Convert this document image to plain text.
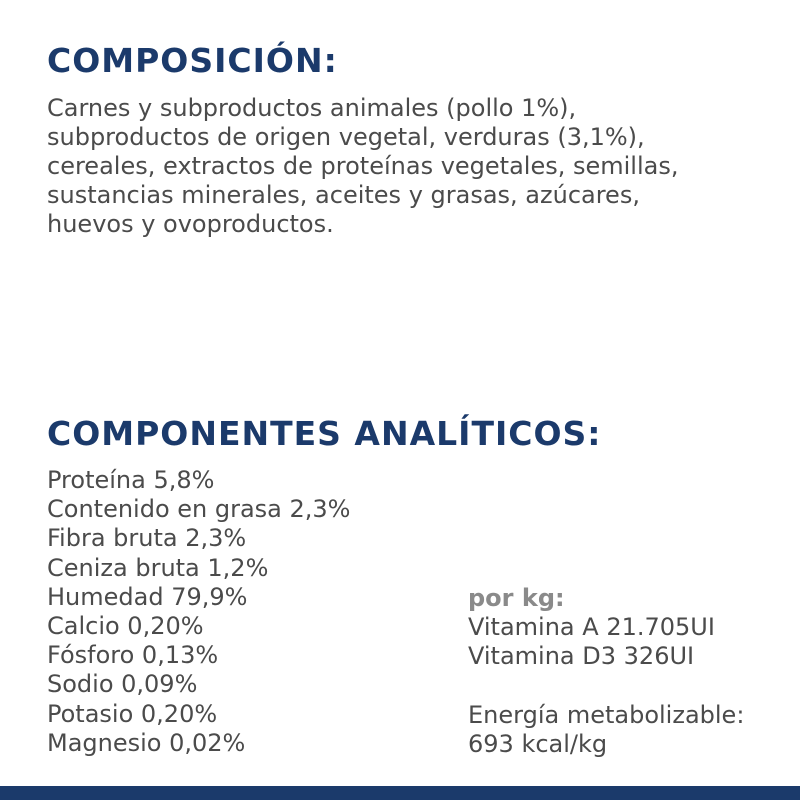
COMPOSICIÓN:

Carnes y subproductos animales (pollo 1%),
subproductos de origen vegetal, verduras (3,1%),
cereales, extractos de proteínas vegetales, semillas,
sustancias minerales, aceites y grasas, azúcares,
huevos y ovoproductos.

COMPONENTES ANALÍTICOS:
Proteína 5,8%
Contenido en grasa 2,3%
Fibra bruta 2,3%
Ceniza bruta 1,2%
Humedad 79,9%
Calcio 0,20%
Fósforo 0,13%
Sodio 0,09%
Potasio 0,20%
Magnesio 0,02%
por kg:
Vitamina A 21.705UI
Vitamina D3 326UI
Energía metabolizable:
693 kcal/kg
